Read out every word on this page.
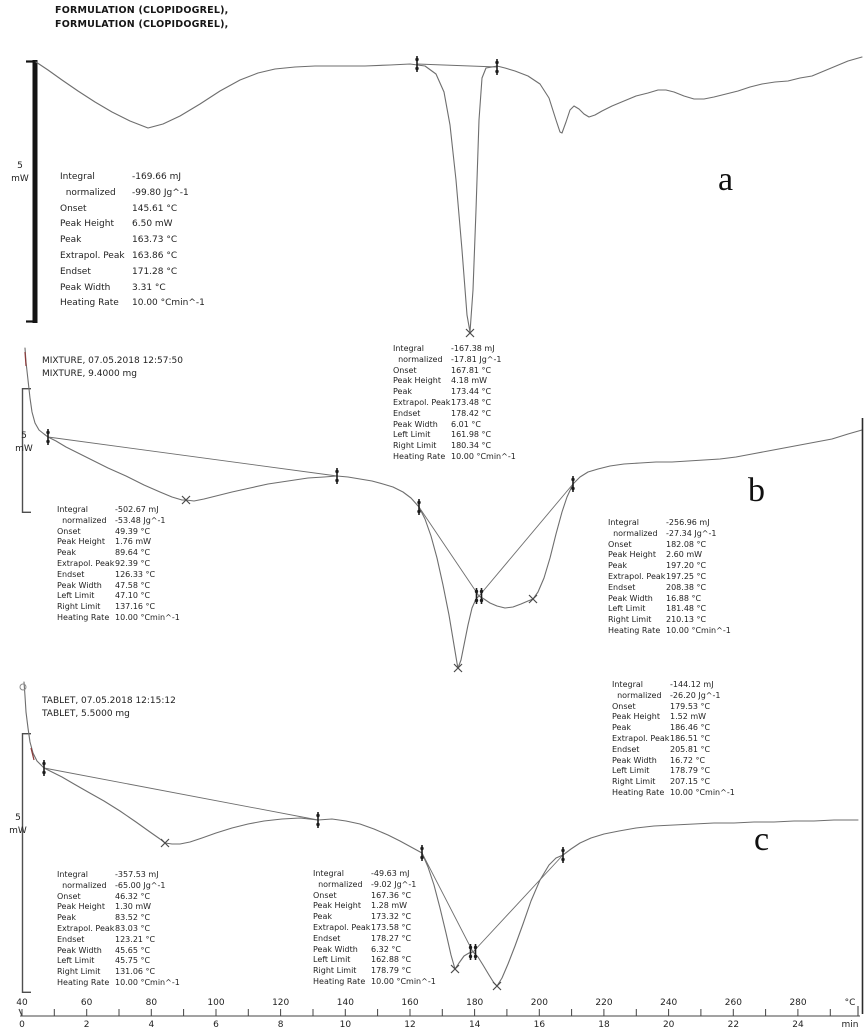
FORMULATION (CLOPIDOGREL),
FORMULATION (CLOPIDOGREL),
Integral	-169.66 mJ
normalized	-99.80 Jg^-1
Onset	145.61 °C
Peak Height	6.50 mW
Peak	163.73 °C
Extrapol. Peak 163.86 °C
Endset	171.28 °C
Peak Width	3.31 °C
Heating Rate	10.00 °Cmin^-1
a
5
mW
Integral	-167.38 mJ
normalized	-17.81 Jg^-1
Onset	167.81 °C
Peak Height	4.18 mW
Peak	173.44 °C
Extrapol. Peak 173.48 °C
Endset	178.42 °C
Peak Width	6.01 °C
Left Limit	161.98 °C
Right Limit	180.34 °C
Heating Rate 10.00 °Cmin^-1
Integral	-502.67 mJ
normalized	-53.48 Jg^-1
Onset	49.39 °C
Peak Height	1.76 mW
Peak	89.64 °C
Extrapol. Peak 92.39 °C
Endset	126.33 °C
Peak Width	47.58 °C
Left Limit	47.10 °C
Right Limit	137.16 °C
Heating Rate 10.00 °Cmin^-1
Integral	-256.96 mJ
normalized	-27.34 Jg^-1
Onset	182.08 °C
Peak Height	2.60 mW
Peak	197.20 °C
Extrapol. Peak 197.25 °C
Endset	208.38 °C
Peak Width	16.88 °C
Left Limit	181.48 °C
Right Limit	210.13 °C
Heating Rate 10.00 °Cmin^-1
MIXTURE, 07.05.2018 12:57:50
MIXTURE, 9.4000 mg
b
5
mW
Integral	-144.12 mJ
normalized	-26.20 Jg^-1
Onset	179.53 °C
Peak Height	1.52 mW
Peak	186.46 °C
Extrapol. Peak 186.51 °C
Endset	205.81 °C
Peak Width	16.72 °C
Left Limit	178.79 °C
Right Limit	207.15 °C
Heating Rate 10.00 °Cmin^-1
Integral	-357.53 mJ
normalized	-65.00 Jg^-1
Onset	46.32 °C
Peak Height	1.30 mW
Peak	83.52 °C
Extrapol. Peak 83.03 °C
Endset	123.21 °C
Peak Width	45.65 °C
Left Limit	45.75 °C
Right Limit	131.06 °C
Heating Rate 10.00 °Cmin^-1
Integral	-49.63 mJ
normalized	-9.02 Jg^-1
Onset	167.36 °C
Peak Height	1.28 mW
Peak	173.32 °C
Extrapol. Peak 173.58 °C
Endset	178.27 °C
Peak Width	6.32 °C
Left Limit	162.88 °C
Right Limit	178.79 °C
Heating Rate 10.00 °Cmin^-1
TABLET, 07.05.2018 12:15:12
TABLET, 5.5000 mg
c
5
mW
40
0
60
2
80
4
100
6
120
8
140
10
160
12
180
14
200
16
220
18
240
20
260
22
280
24
°C
min
